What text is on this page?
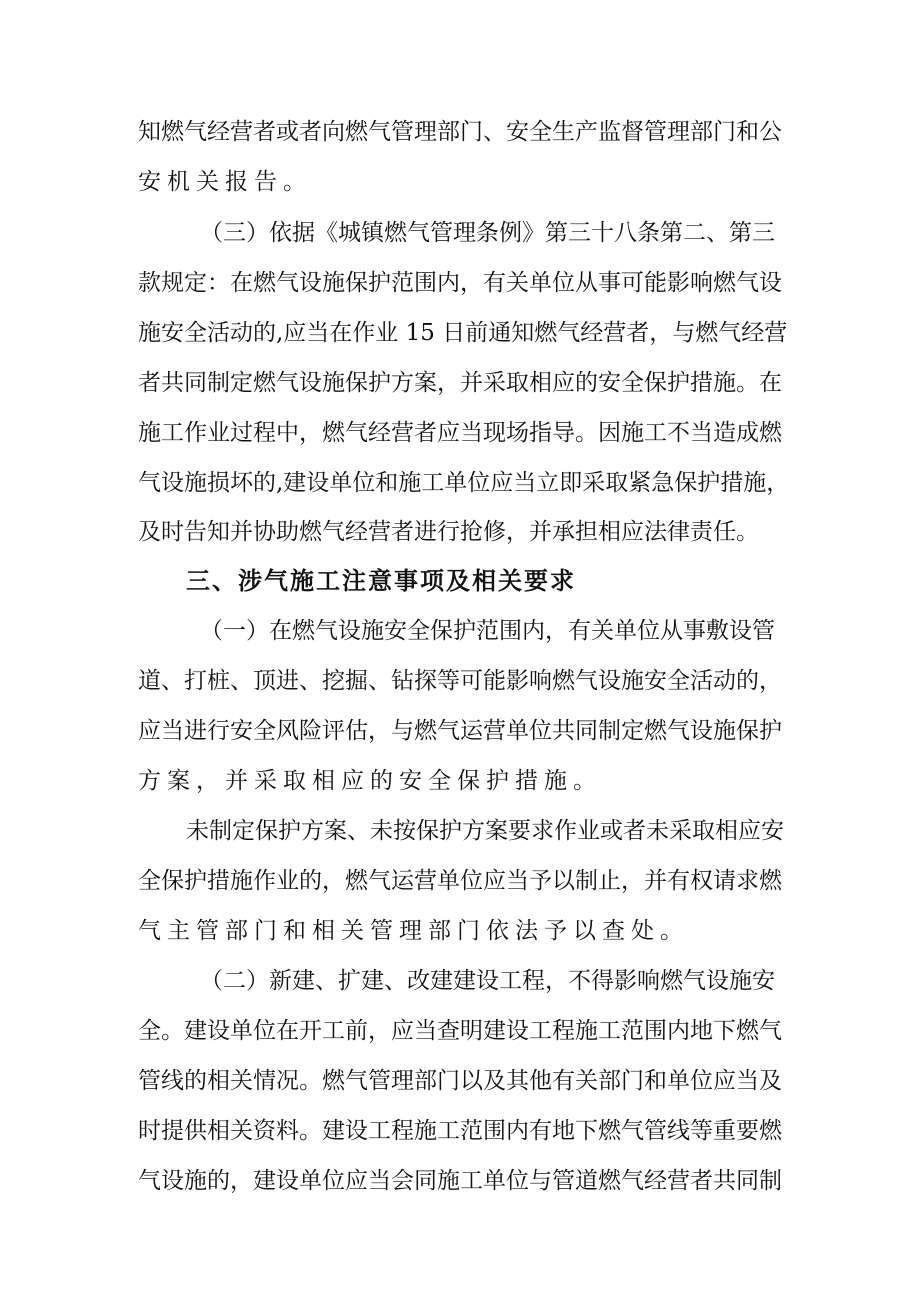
知燃气经营者或者向燃气管理部门、安全生产监督管理部门和公
安机关报告。
（三）依据《城镇燃气管理条例》第三十八条第二、第三
款规定：在燃气设施保护范围内，有关单位从事可能影响燃气设
施安全活动的,应当在作业 15 日前通知燃气经营者，与燃气经营
者共同制定燃气设施保护方案，并采取相应的安全保护措施。在
施工作业过程中，燃气经营者应当现场指导。因施工不当造成燃
气设施损坏的,建设单位和施工单位应当立即采取紧急保护措施，
及时告知并协助燃气经营者进行抢修，并承担相应法律责任。
三、涉气施工注意事项及相关要求
（一）在燃气设施安全保护范围内，有关单位从事敷设管
道、打桩、顶进、挖掘、钻探等可能影响燃气设施安全活动的，
应当进行安全风险评估，与燃气运营单位共同制定燃气设施保护
方案，并采取相应的安全保护措施。
未制定保护方案、未按保护方案要求作业或者未采取相应安
全保护措施作业的，燃气运营单位应当予以制止，并有权请求燃
气主管部门和相关管理部门依法予以查处。
（二）新建、扩建、改建建设工程，不得影响燃气设施安
全。建设单位在开工前，应当查明建设工程施工范围内地下燃气
管线的相关情况。燃气管理部门以及其他有关部门和单位应当及
时提供相关资料。建设工程施工范围内有地下燃气管线等重要燃
气设施的，建设单位应当会同施工单位与管道燃气经营者共同制
